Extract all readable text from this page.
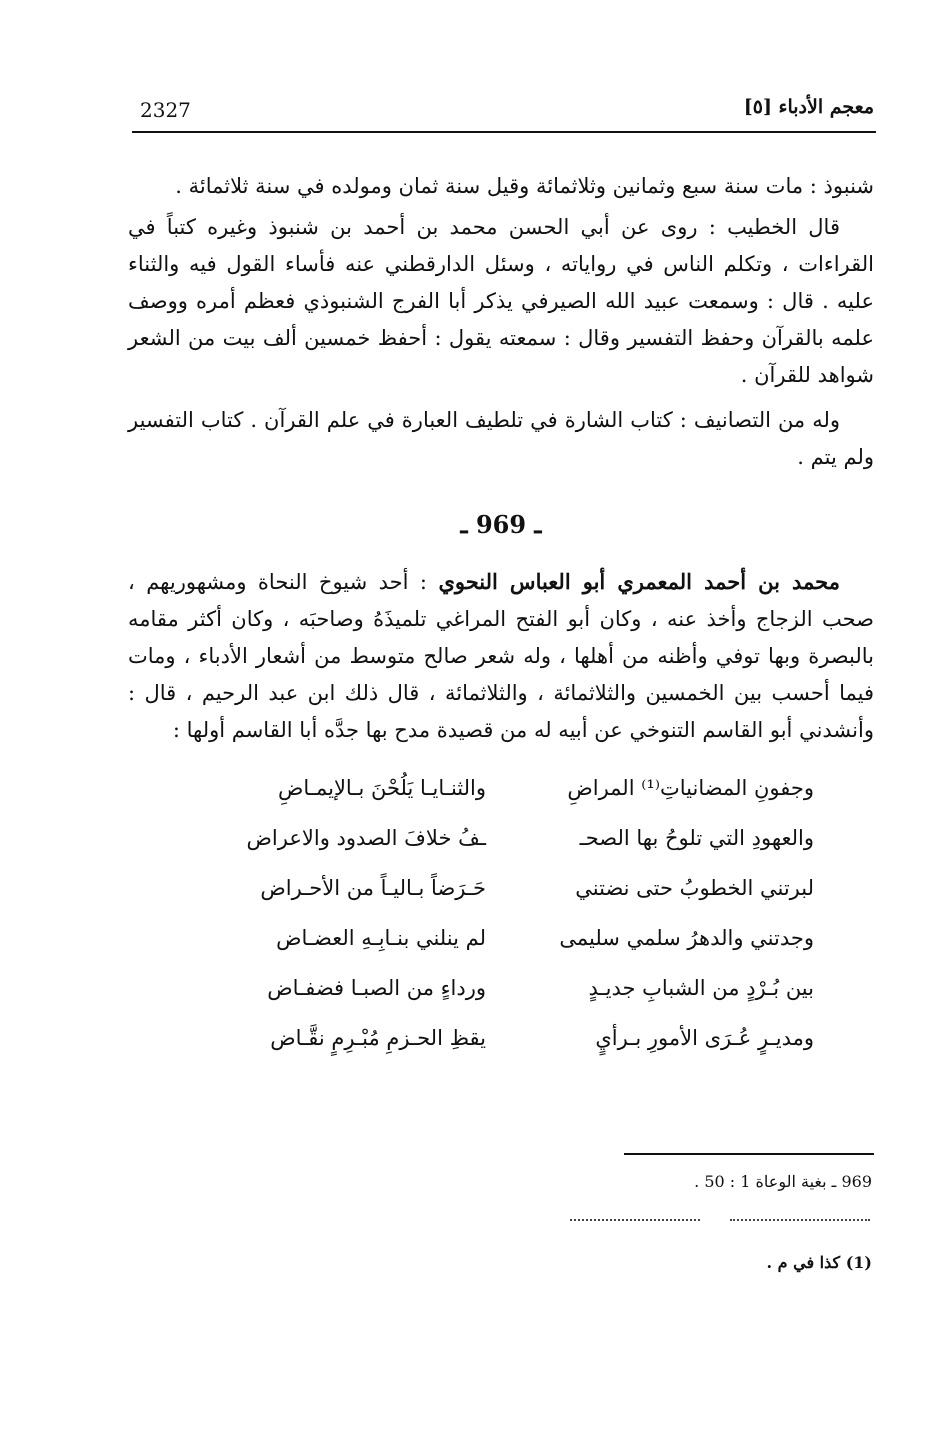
2327	معجم الأدباء [٥]

شنبوذ : مات سنة سبع وثمانين وثلاثمائة وقيل سنة ثمان ومولده في سنة ثلاثمائة .

قال الخطيب : روى عن أبي الحسن محمد بن أحمد بن شنبوذ وغيره كتباً في القراءات ، وتكلم الناس في رواياته ، وسئل الدارقطني عنه فأساء القول فيه والثناء عليه . قال : وسمعت عبيد الله الصيرفي يذكر أبا الفرج الشنبوذي فعظم أمره ووصف علمه بالقرآن وحفظ التفسير وقال : سمعته يقول : أحفظ خمسين ألف بيت من الشعر شواهد للقرآن .

وله من التصانيف : كتاب الشارة في تلطيف العبارة في علم القرآن . كتاب التفسير ولم يتم .

ـ 969 ـ

محمد بن أحمد المعمري أبو العباس النحوي : أحد شيوخ النحاة ومشهوريهم ، صحب الزجاج وأخذ عنه ، وكان أبو الفتح المراغي تلميذَهُ وصاحبَه ، وكان أكثر مقامه بالبصرة وبها توفي وأظنه من أهلها ، وله شعر صالح متوسط من أشعار الأدباء ، ومات فيما أحسب بين الخمسين والثلاثمائة ، والثلاثمائة ، قال ذلك ابن عبد الرحيم ، قال : وأنشدني أبو القاسم التنوخي عن أبيه له من قصيدة مدح بها جدَّه أبا القاسم أولها :

وجفونِ المضانياتِ⁽¹⁾ المراضِ
والثنـايـا يَلُحْنَ بـالإيمـاضِ
والعهودِ التي تلوحُ بها الصحـ
ـفُ خلافَ الصدود والاعراض
لبرتني الخطوبُ حتى نضتني
حَـرَضاً بـاليـاً من الأحـراض
وجدتني والدهرُ سلمي سليمى
لم ينلني بنـابِـهِ العضـاض
بين بُـرْدٍ من الشبابِ جديـدٍ
ورداءٍ من الصبـا فضفـاض
ومديـرٍ عُـرَى الأمورِ بـرأيٍ
يقظِ الحـزمِ مُبْـرِمٍ نقَّـاض
969 ـ بغية الوعاة 1 : 50 .
(1) كذا في م .
